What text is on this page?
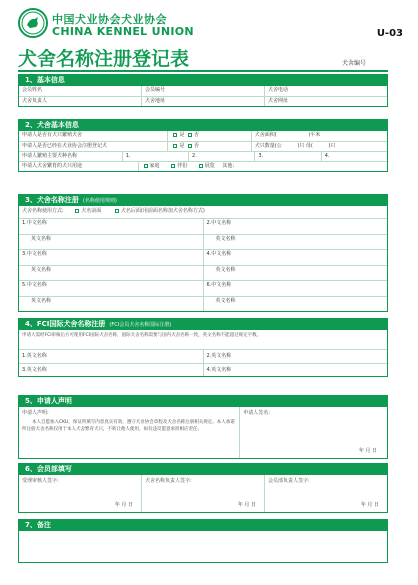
中国犬业协会犬业协会
CHINA KENNEL UNION	U-03
犬舍名称注册登记表	犬舍编号
1、基本信息
会员姓名	会员编号	犬舍电话
犬舍负责人	犬舍地址	犬舍网址
2、犬舍基本信息
申请人是否有犬只繁殖犬舍	是 否	犬舍面积(	)平米
申请人是否已经在犬业协会注册登记犬	是 否	犬只数量(公	)只 母(	)只
申请人繁殖主要犬种名称	1.	2.	3.	4.
申请人犬舍繁育的犬只用途	家庭	伴侣	展览 其他:
3、犬舍名称注册 (名称使用规则)
犬舍名称使用方式:	犬名前面	犬名后面(用前面名称加犬舍名称方式)
1.中文名称	2.中文名称
英文名称	英文名称
3.中文名称	4.中文名称
英文名称	英文名称
5.中文名称	6.中文名称
英文名称	英文名称
4、FCI国际犬舍名称注册 (FCI会员犬舍名称国际注册)
申请人需经FCI审核后方可使用FCI国际犬舍名称，国际犬舍名称需要与国内犬舍名称一致，英文名称不能超过规定字数。
1.英文名称	2.英文名称
3.英文名称	4.英文名称
5、申请人声明
申请人声明:
本人自愿加入CKU，保证所填写内容真实有效，遵守犬业协会章程及犬舍名称注册相关规定。本人承诺所注册犬舍名称仅用于本人犬舍繁育犬只，不转让他人使用，如有违反愿意承担相应责任。
申请人签名:
年 月 日
6、会员部填写
受理审核人签字:
年 月 日
犬舍名称负责人签字:
年 月 日
会员部负责人签字:
年 月 日
7、备注
